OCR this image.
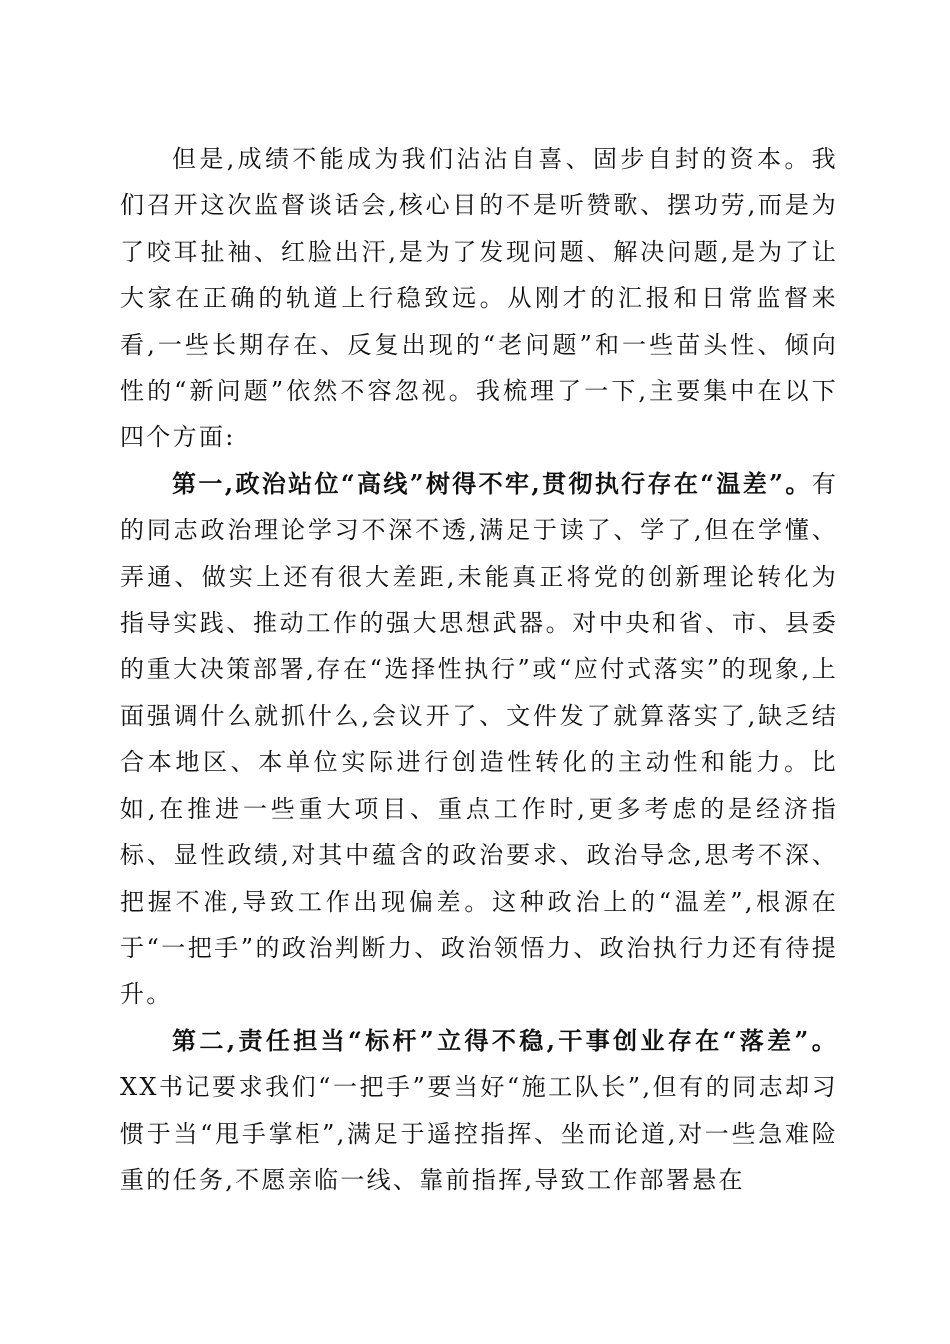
但是,成绩不能成为我们沾沾自喜、固步自封的资本。我们召开这次监督谈话会,核心目的不是听赞歌、摆功劳,而是为了咬耳扯袖、红脸出汗,是为了发现问题、解决问题,是为了让大家在正确的轨道上行稳致远。从刚才的汇报和日常监督来看,一些长期存在、反复出现的“老问题”和一些苗头性、倾向性的“新问题”依然不容忽视。我梳理了一下,主要集中在以下四个方面:

第一,政治站位“高线”树得不牢,贯彻执行存在“温差”。有的同志政治理论学习不深不透,满足于读了、学了,但在学懂、弄通、做实上还有很大差距,未能真正将党的创新理论转化为指导实践、推动工作的强大思想武器。对中央和省、市、县委的重大决策部署,存在“选择性执行”或“应付式落实”的现象,上面强调什么就抓什么,会议开了、文件发了就算落实了,缺乏结合本地区、本单位实际进行创造性转化的主动性和能力。比如,在推进一些重大项目、重点工作时,更多考虑的是经济指标、显性政绩,对其中蕴含的政治要求、政治导念,思考不深、把握不准,导致工作出现偏差。这种政治上的“温差”,根源在于“一把手”的政治判断力、政治领悟力、政治执行力还有待提升。

第二,责任担当“标杆”立得不稳,干事创业存在“落差”。XX书记要求我们“一把手”要当好“施工队长”,但有的同志却习惯于当“甩手掌柜”,满足于遥控指挥、坐而论道,对一些急难险重的任务,不愿亲临一线、靠前指挥,导致工作部署悬在
